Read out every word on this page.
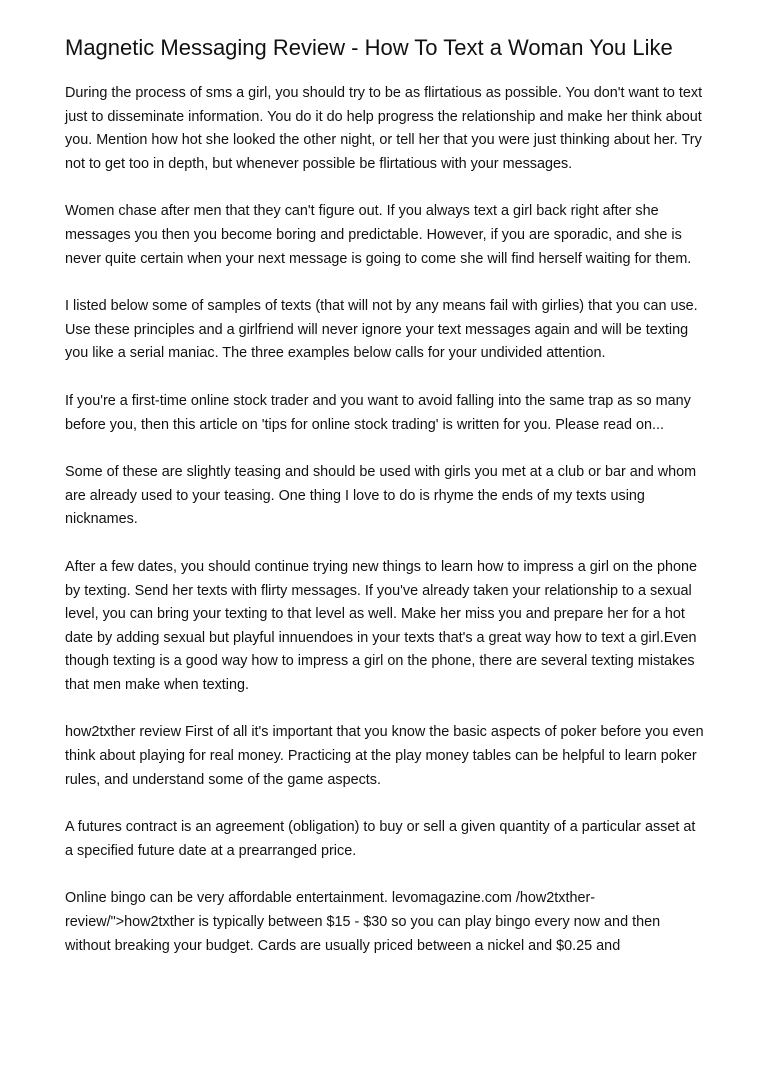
Magnetic Messaging Review - How To Text a Woman You Like

During the process of sms a girl, you should try to be as flirtatious as possible. You don't want to text just to disseminate information. You do it do help progress the relationship and make her think about you. Mention how hot she looked the other night, or tell her that you were just thinking about her. Try not to get too in depth, but whenever possible be flirtatious with your messages.

Women chase after men that they can't figure out. If you always text a girl back right after she messages you then you become boring and predictable. However, if you are sporadic, and she is never quite certain when your next message is going to come she will find herself waiting for them.

I listed below some of samples of texts (that will not by any means fail with girlies) that you can use. Use these principles and a girlfriend will never ignore your text messages again and will be texting you like a serial maniac. The three examples below calls for your undivided attention.

If you're a first-time online stock trader and you want to avoid falling into the same trap as so many before you, then this article on 'tips for online stock trading' is written for you. Please read on...

Some of these are slightly teasing and should be used with girls you met at a club or bar and whom are already used to your teasing. One thing I love to do is rhyme the ends of my texts using nicknames.

After a few dates, you should continue trying new things to learn how to impress a girl on the phone by texting. Send her texts with flirty messages. If you've already taken your relationship to a sexual level, you can bring your texting to that level as well. Make her miss you and prepare her for a hot date by adding sexual but playful innuendoes in your texts that's a great way how to text a girl.Even though texting is a good way how to impress a girl on the phone, there are several texting mistakes that men make when texting.

how2txther review First of all it's important that you know the basic aspects of poker before you even think about playing for real money. Practicing at the play money tables can be helpful to learn poker rules, and understand some of the game aspects.

A futures contract is an agreement (obligation) to buy or sell a given quantity of a particular asset at a specified future date at a prearranged price.

Online bingo can be very affordable entertainment. levomagazine.com /how2txther-review/">how2txther is typically between $15 - $30 so you can play bingo every now and then without breaking your budget. Cards are usually priced between a nickel and $0.25 and
